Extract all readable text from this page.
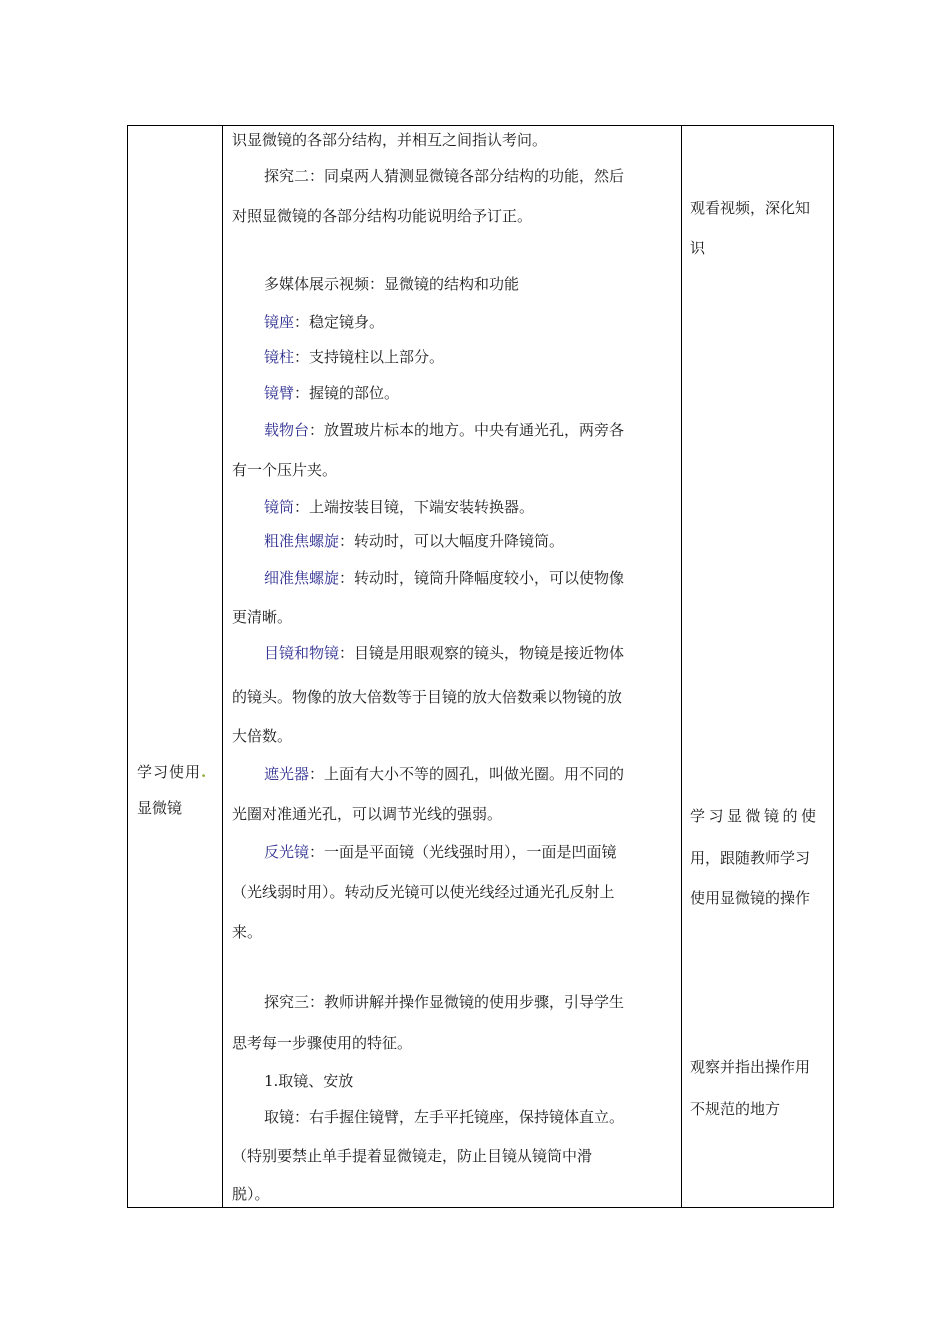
学习使用.
显微镜
识显微镜的各部分结构，并相互之间指认考问。
探究二：同桌两人猜测显微镜各部分结构的功能，然后
对照显微镜的各部分结构功能说明给予订正。
多媒体展示视频：显微镜的结构和功能
镜座：稳定镜身。
镜柱：支持镜柱以上部分。
镜臂：握镜的部位。
载物台：放置玻片标本的地方。中央有通光孔，两旁各
有一个压片夹。
镜筒：上端按装目镜，下端安装转换器。
粗准焦螺旋：转动时，可以大幅度升降镜筒。
细准焦螺旋：转动时，镜筒升降幅度较小，可以使物像
更清晰。
目镜和物镜：目镜是用眼观察的镜头，物镜是接近物体
的镜头。物像的放大倍数等于目镜的放大倍数乘以物镜的放
大倍数。
遮光器：上面有大小不等的圆孔，叫做光圈。用不同的
光圈对准通光孔，可以调节光线的强弱。
反光镜：一面是平面镜（光线强时用），一面是凹面镜
（光线弱时用）。转动反光镜可以使光线经过通光孔反射上
来。
探究三：教师讲解并操作显微镜的使用步骤，引导学生
思考每一步骤使用的特征。
1.取镜、安放
取镜：右手握住镜臂，左手平托镜座，保持镜体直立。
（特别要禁止单手提着显微镜走，防止目镜从镜筒中滑
脱）。
观看视频，深化知
识
学习显微镜的使
用，跟随教师学习
使用显微镜的操作
观察并指出操作用
不规范的地方
